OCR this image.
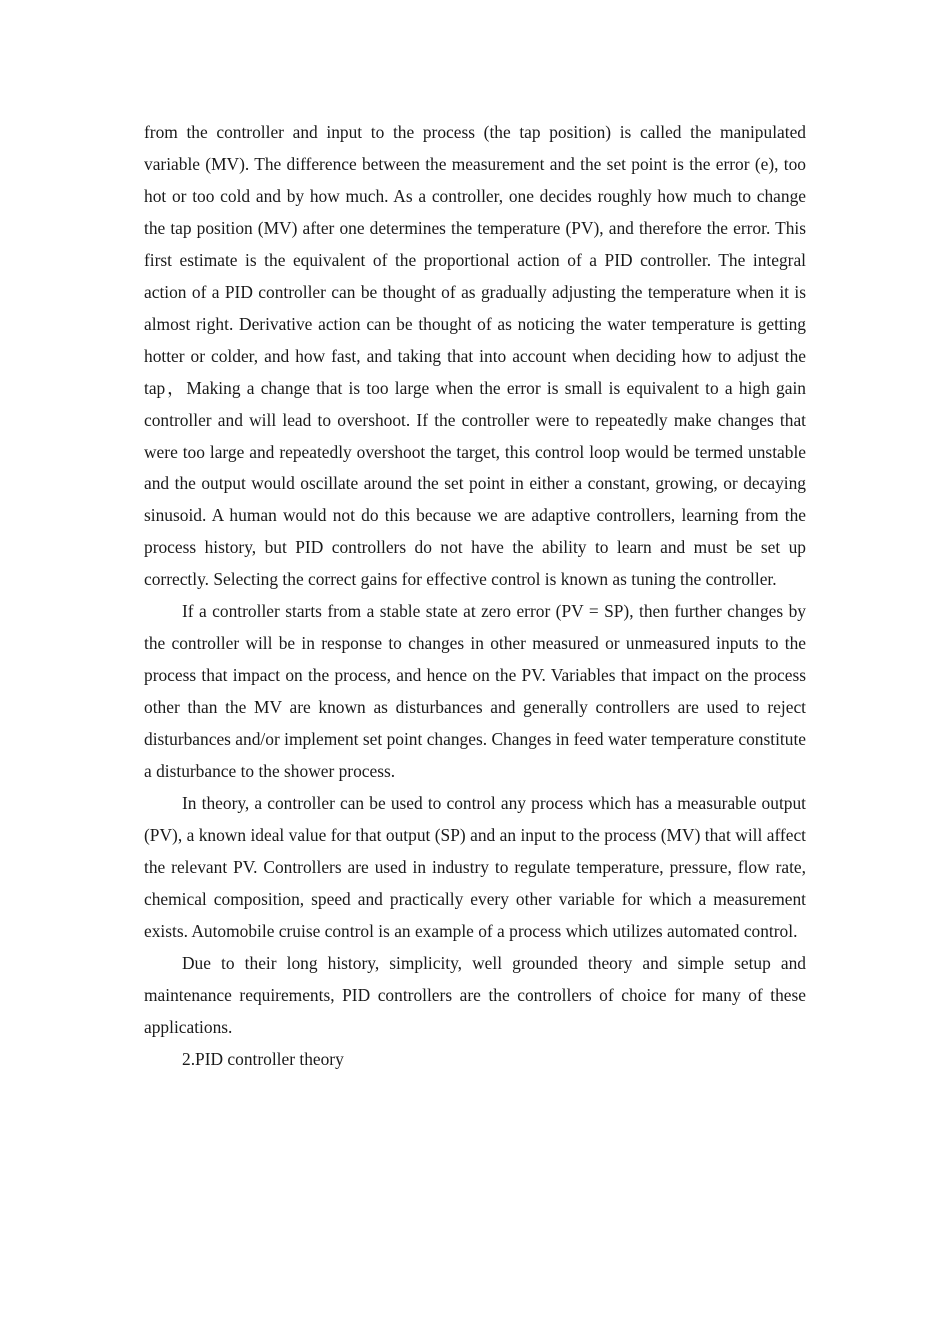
from the controller and input to the process (the tap position) is called the manipulated variable (MV). The difference between the measurement and the set point is the error (e), too hot or too cold and by how much. As a controller, one decides roughly how much to change the tap position (MV) after one determines the temperature (PV), and therefore the error. This first estimate is the equivalent of the proportional action of a PID controller. The integral action of a PID controller can be thought of as gradually adjusting the temperature when it is almost right. Derivative action can be thought of as noticing the water temperature is getting hotter or colder, and how fast, and taking that into account when deciding how to adjust the tap，Making a change that is too large when the error is small is equivalent to a high gain controller and will lead to overshoot. If the controller were to repeatedly make changes that were too large and repeatedly overshoot the target, this control loop would be termed unstable and the output would oscillate around the set point in either a constant, growing, or decaying sinusoid. A human would not do this because we are adaptive controllers, learning from the process history, but PID controllers do not have the ability to learn and must be set up correctly. Selecting the correct gains for effective control is known as tuning the controller.

If a controller starts from a stable state at zero error (PV = SP), then further changes by the controller will be in response to changes in other measured or unmeasured inputs to the process that impact on the process, and hence on the PV. Variables that impact on the process other than the MV are known as disturbances and generally controllers are used to reject disturbances and/or implement set point changes. Changes in feed water temperature constitute a disturbance to the shower process.

In theory, a controller can be used to control any process which has a measurable output (PV), a known ideal value for that output (SP) and an input to the process (MV) that will affect the relevant PV. Controllers are used in industry to regulate temperature, pressure, flow rate, chemical composition, speed and practically every other variable for which a measurement exists. Automobile cruise control is an example of a process which utilizes automated control.

Due to their long history, simplicity, well grounded theory and simple setup and maintenance requirements, PID controllers are the controllers of choice for many of these applications.

2.PID controller theory
